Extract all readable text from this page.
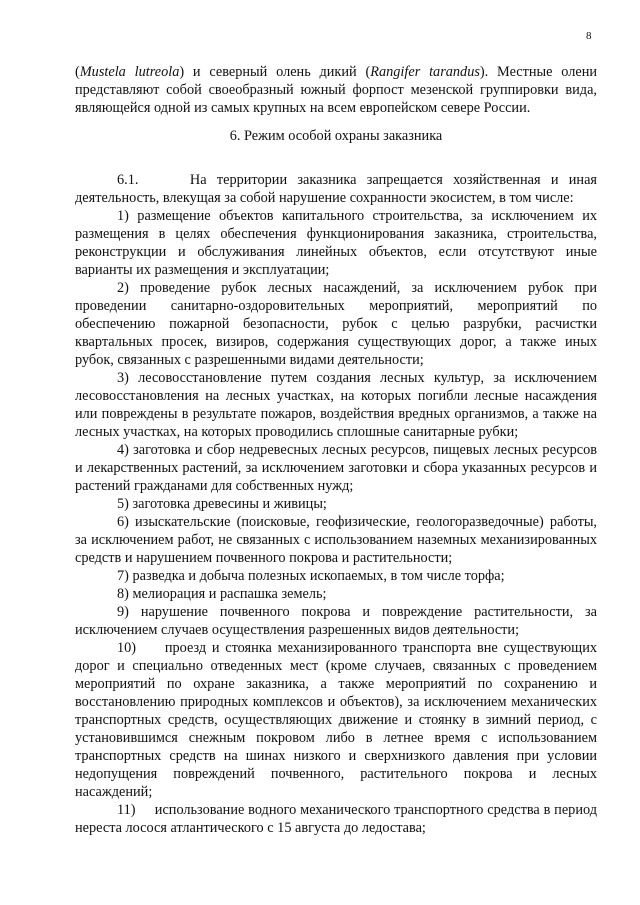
8

(Mustela lutreola) и северный олень дикий (Rangifer tarandus). Местные олени представляют собой своеобразный южный форпост мезенской группировки вида, являющейся одной из самых крупных на всем европейском севере России.

6. Режим особой охраны заказника

6.1.     На территории заказника запрещается хозяйственная и иная деятельность, влекущая за собой нарушение сохранности экосистем, в том числе:

1) размещение объектов капитального строительства, за исключением их размещения в целях обеспечения функционирования заказника, строительства, реконструкции и обслуживания линейных объектов, если отсутствуют иные варианты их размещения и эксплуатации;

2) проведение рубок лесных насаждений, за исключением рубок при проведении санитарно-оздоровительных мероприятий, мероприятий по обеспечению пожарной безопасности, рубок с целью разрубки, расчистки квартальных просек, визиров, содержания существующих дорог, а также иных рубок, связанных с разрешенными видами деятельности;

3) лесовосстановление путем создания лесных культур, за исключением лесовосстановления на лесных участках, на которых погибли лесные насаждения или повреждены в результате пожаров, воздействия вредных организмов, а также на лесных участках, на которых проводились сплошные санитарные рубки;

4) заготовка и сбор недревесных лесных ресурсов, пищевых лесных ресурсов и лекарственных растений, за исключением заготовки и сбора указанных ресурсов и растений гражданами для собственных нужд;

5) заготовка древесины и живицы;

6) изыскательские (поисковые, геофизические, геологоразведочные) работы, за исключением работ, не связанных с использованием наземных механизированных средств и нарушением почвенного покрова и растительности;

7) разведка и добыча полезных ископаемых, в том числе торфа;

8) мелиорация и распашка земель;

9) нарушение почвенного покрова и повреждение растительности, за исключением случаев осуществления разрешенных видов деятельности;

10)     проезд и стоянка механизированного транспорта вне существующих дорог и специально отведенных мест (кроме случаев, связанных с проведением мероприятий по охране заказника, а также мероприятий по сохранению и восстановлению природных комплексов и объектов), за исключением механических транспортных средств, осуществляющих движение и стоянку в зимний период, с установившимся снежным покровом либо в летнее время с использованием транспортных средств на шинах низкого и сверхнизкого давления при условии недопущения повреждений почвенного, растительного покрова и лесных насаждений;

11)     использование водного механического транспортного средства в период нереста лосося атлантического с 15 августа до ледостава;
